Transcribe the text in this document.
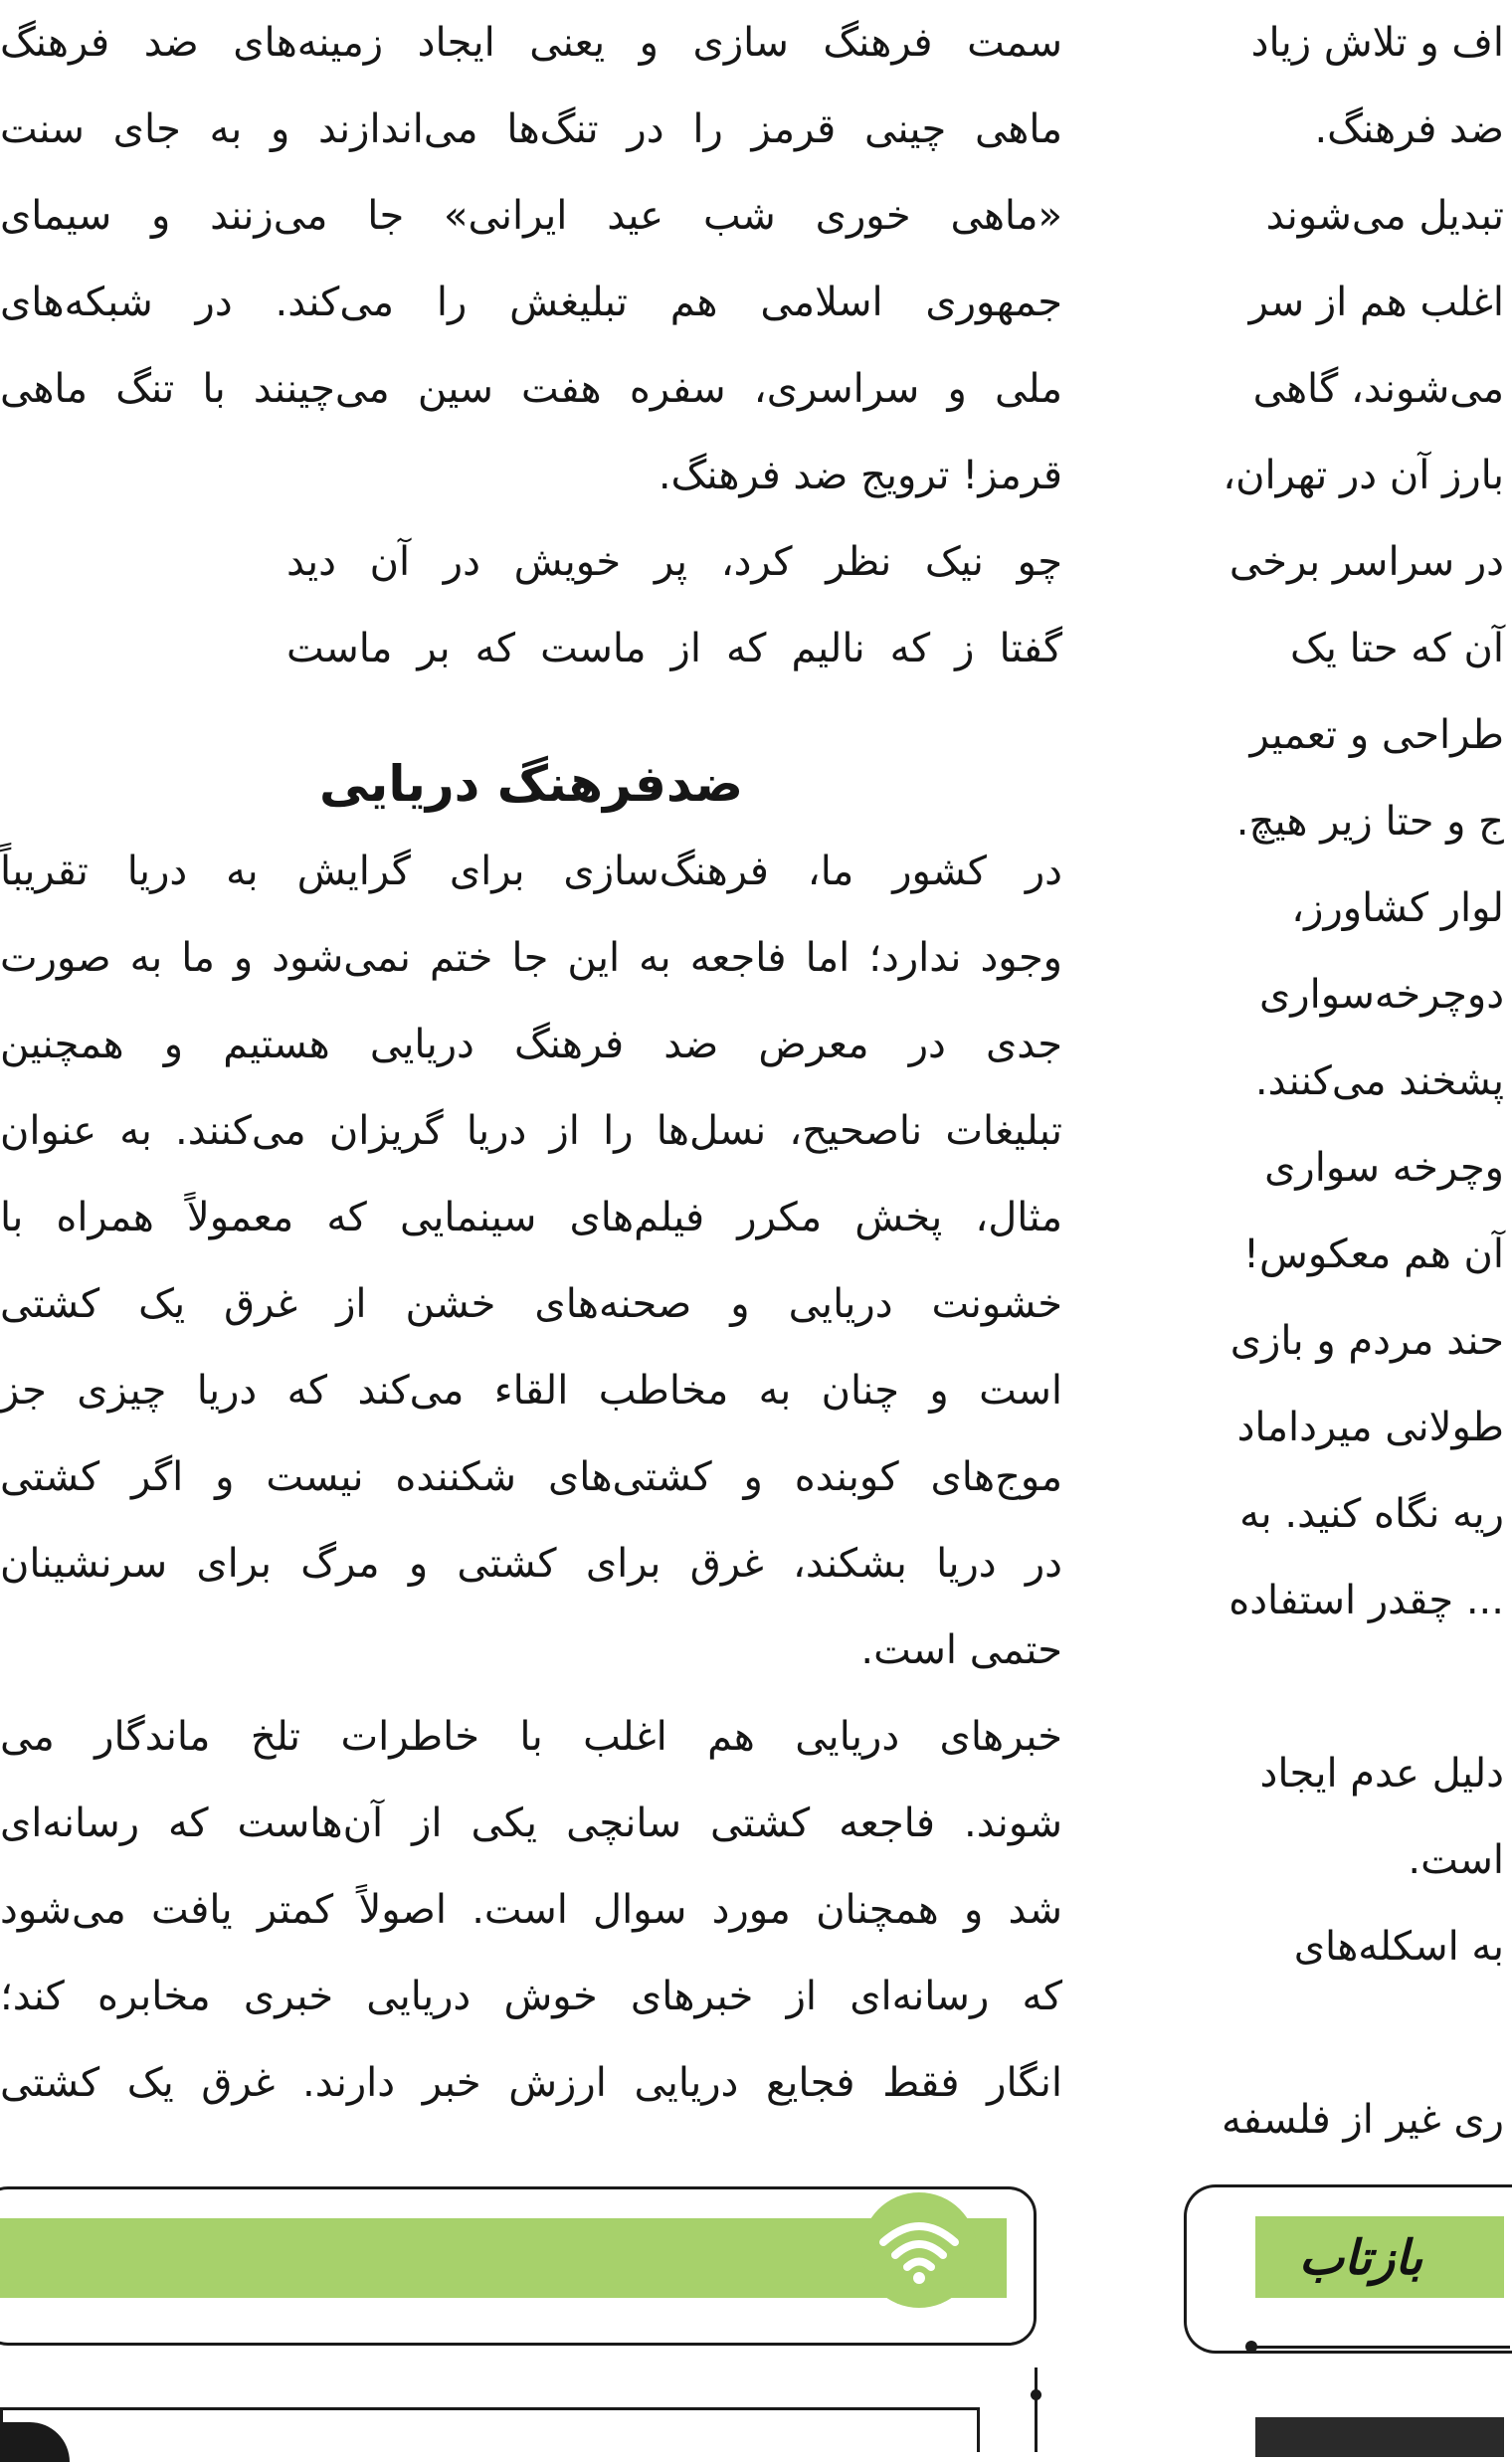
سمت فرهنگ سازی و یعنی ایجاد زمینه‌های ضد فرهنگ
ماهی چینی قرمز را در تنگ‌ها می‌اندازند و به جای سنت
«ماهی خوری شب عید ایرانی» جا می‌زنند و سیمای
جمهوری اسلامی هم تبلیغش را می‌کند. در شبکه‌های
ملی و سراسری، سفره هفت سین می‌چینند با تنگ ماهی
قرمز! ترویج ضد فرهنگ.
چو نیک نظر کرد، پر خویش در آن دید
گفتا ز که نالیم که از ماست که بر ماست
ضدفرهنگ دریایی
در کشور ما، فرهنگ‌سازی برای گرایش به دریا تقریباً
وجود ندارد؛ اما فاجعه به این جا ختم نمی‌شود و ما به صورت
جدی در معرض ضد فرهنگ دریایی هستیم و همچنین
تبلیغات ناصحیح، نسل‌ها را از دریا گریزان می‌کنند. به عنوان
مثال، پخش مکرر فیلم‌های سینمایی که معمولاً همراه با
خشونت دریایی و صحنه‌های خشن از غرق یک کشتی
است و چنان به مخاطب القاء می‌کند که دریا چیزی جز
موج‌های کوبنده و کشتی‌های شکننده نیست و اگر کشتی
در دریا بشکند، غرق برای کشتی و مرگ برای سرنشینان
حتمی است.
خبرهای دریایی هم اغلب با خاطرات تلخ ماندگار می‌
شوند. فاجعه کشتی سانچی یکی از آن‌هاست که رسانه‌ای
شد و همچنان مورد سوال است. اصولاً کمتر یافت می‌شود
که رسانه‌ای از خبرهای خوش دریایی خبری مخابره کند؛
انگار فقط فجایع دریایی ارزش خبر دارند. غرق یک کشتی
اف و تلاش زیاد
ضد فرهنگ.
تبدیل می‌شوند
اغلب هم از سر
می‌شوند، گاهی
بارز آن در تهران،
در سراسر برخی
آن که حتا یک
طراحی و تعمیر
ج و حتا زیر هیچ.
لوار کشاورز،
دوچرخه‌سواری
پشخند می‌کنند.
وچرخه سواری
آن هم معکوس!
حند مردم و بازی
طولانی میرداماد
ریه نگاه کنید. به
... چقدر استفاده
دلیل عدم ایجاد
است.
به اسکله‌های
ری غیر از فلسفه
بازتاب
